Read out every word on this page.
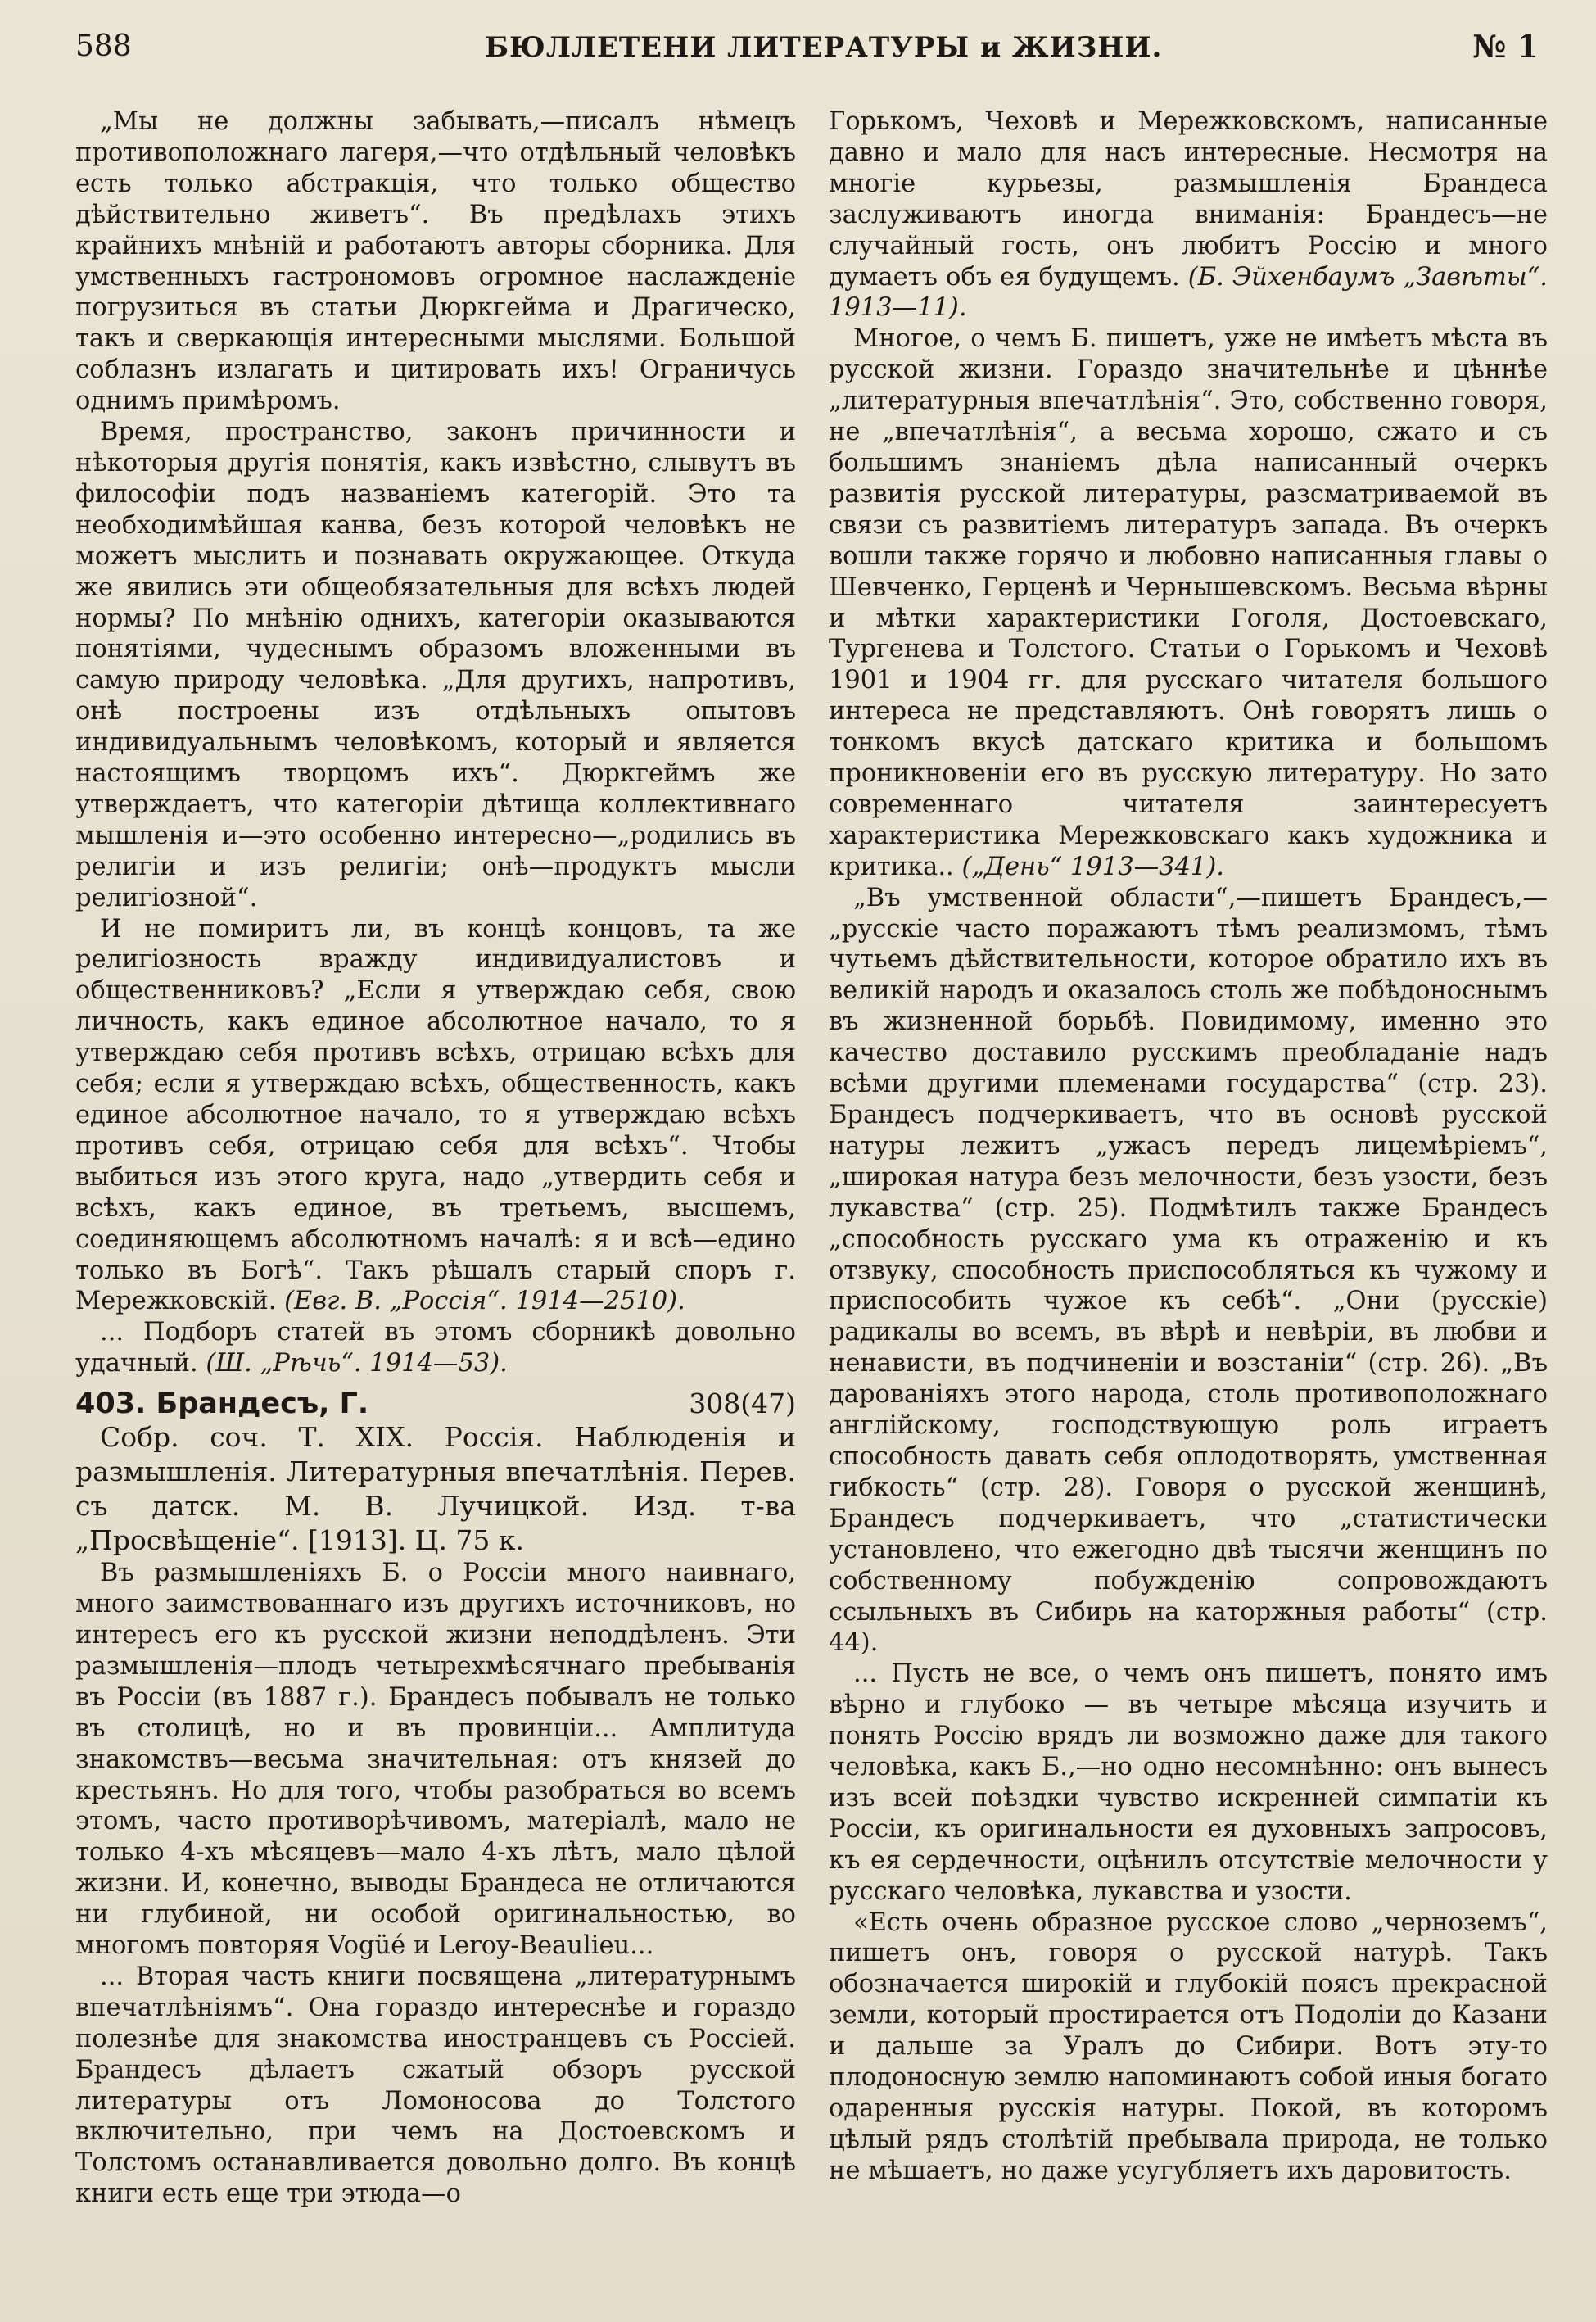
588	БЮЛЛЕТЕНИ ЛИТЕРАТУРЫ и ЖИЗНИ.	№ 1

„Мы не должны забывать,—писалъ нѣмецъ противоположнаго лагеря,—что отдѣльный человѣкъ есть только абстракція, что только общество дѣйствительно живетъ“. Въ предѣлахъ этихъ крайнихъ мнѣній и работаютъ авторы сборника. Для умственныхъ гастрономовъ огромное наслажденіе погрузиться въ статьи Дюркгейма и Драгическо, такъ и сверкающія интересными мыслями. Большой соблазнъ излагать и цитировать ихъ! Ограничусь однимъ примѣромъ.

Время, пространство, законъ причинности и нѣкоторыя другія понятія, какъ извѣстно, слывутъ въ философіи подъ названіемъ категорій. Это та необходимѣйшая канва, безъ которой человѣкъ не можетъ мыслить и познавать окружающее. Откуда же явились эти общеобязательныя для всѣхъ людей нормы? По мнѣнію однихъ, категоріи оказываются понятіями, чудеснымъ образомъ вложенными въ самую природу человѣка. „Для другихъ, напротивъ, онѣ построены изъ отдѣльныхъ опытовъ индивидуальнымъ человѣкомъ, который и является настоящимъ творцомъ ихъ“. Дюркгеймъ же утверждаетъ, что категоріи дѣтища коллективнаго мышленія и—это особенно интересно—„родились въ религіи и изъ религіи; онѣ—продуктъ мысли религіозной“.

И не помиритъ ли, въ концѣ концовъ, та же религіозность вражду индивидуалистовъ и общественниковъ? „Если я утверждаю себя, свою личность, какъ единое абсолютное начало, то я утверждаю себя противъ всѣхъ, отрицаю всѣхъ для себя; если я утверждаю всѣхъ, общественность, какъ единое абсолютное начало, то я утверждаю всѣхъ противъ себя, отрицаю себя для всѣхъ“. Чтобы выбиться изъ этого круга, надо „утвердить себя и всѣхъ, какъ единое, въ третьемъ, высшемъ, соединяющемъ абсолютномъ началѣ: я и всѣ—едино только въ Богѣ“. Такъ рѣшалъ старый споръ г. Мережковскій. (Евг. В. „Россія“. 1914—2510).

... Подборъ статей въ этомъ сборникѣ довольно удачный. (Ш. „Рѣчь“. 1914—53).

403. Брандесъ, Г.	308(47)

Собр. соч. Т. XIX. Россія. Наблюденія и размышленія. Литературныя впечатлѣнія. Перев. съ датск. М. В. Лучицкой. Изд. т-ва „Просвѣщеніе“. [1913]. Ц. 75 к.

Въ размышленіяхъ Б. о Россіи много наивнаго, много заимствованнаго изъ другихъ источниковъ, но интересъ его къ русской жизни неподдѣленъ. Эти размышленія—плодъ четырехмѣсячнаго пребыванія въ Россіи (въ 1887 г.). Брандесъ побывалъ не только въ столицѣ, но и въ провинціи... Амплитуда знакомствъ—весьма значительная: отъ князей до крестьянъ. Но для того, чтобы разобраться во всемъ этомъ, часто противорѣчивомъ, матеріалѣ, мало не только 4-хъ мѣсяцевъ—мало 4-хъ лѣтъ, мало цѣлой жизни. И, конечно, выводы Брандеса не отличаются ни глубиной, ни особой оригинальностью, во многомъ повторяя Vogüé и Leroy-Beaulieu...

... Вторая часть книги посвящена „литературнымъ впечатлѣніямъ“. Она гораздо интереснѣе и гораздо полезнѣе для знакомства иностранцевъ съ Россіей. Брандесъ дѣлаетъ сжатый обзоръ русской литературы отъ Ломоносова до Толстого включительно, при чемъ на Достоевскомъ и Толстомъ останавливается довольно долго. Въ концѣ книги есть еще три этюда—о

Горькомъ, Чеховѣ и Мережковскомъ, написанные давно и мало для насъ интересные. Несмотря на многіе курьезы, размышленія Брандеса заслуживаютъ иногда вниманія: Брандесъ—не случайный гость, онъ любитъ Россію и много думаетъ объ ея будущемъ. (Б. Эйхенбаумъ „Завѣты“. 1913—11).

Многое, о чемъ Б. пишетъ, уже не имѣетъ мѣста въ русской жизни. Гораздо значительнѣе и цѣннѣе „литературныя впечатлѣнія“. Это, собственно говоря, не „впечатлѣнія“, а весьма хорошо, сжато и съ большимъ знаніемъ дѣла написанный очеркъ развитія русской литературы, разсматриваемой въ связи съ развитіемъ литературъ запада. Въ очеркъ вошли также горячо и любовно написанныя главы о Шевченко, Герценѣ и Чернышевскомъ. Весьма вѣрны и мѣтки характеристики Гоголя, Достоевскаго, Тургенева и Толстого. Статьи о Горькомъ и Чеховѣ 1901 и 1904 гг. для русскаго читателя большого интереса не представляютъ. Онѣ говорятъ лишь о тонкомъ вкусѣ датскаго критика и большомъ проникновеніи его въ русскую литературу. Но зато современнаго читателя заинтересуетъ характеристика Мережковскаго какъ художника и критика.. („День“ 1913—341).

„Въ умственной области“,—пишетъ Брандесъ,—„русскіе часто поражаютъ тѣмъ реализмомъ, тѣмъ чутьемъ дѣйствительности, которое обратило ихъ въ великій народъ и оказалось столь же побѣдоноснымъ въ жизненной борьбѣ. Повидимому, именно это качество доставило русскимъ преобладаніе надъ всѣми другими племенами государства“ (стр. 23). Брандесъ подчеркиваетъ, что въ основѣ русской натуры лежитъ „ужасъ передъ лицемѣріемъ“, „широкая натура безъ мелочности, безъ узости, безъ лукавства“ (стр. 25). Подмѣтилъ также Брандесъ „способность русскаго ума къ отраженію и къ отзвуку, способность приспособляться къ чужому и приспособить чужое къ себѣ“. „Они (русскіе) радикалы во всемъ, въ вѣрѣ и невѣріи, въ любви и ненависти, въ подчиненіи и возстаніи“ (стр. 26). „Въ дарованіяхъ этого народа, столь противоположнаго англійскому, господствующую роль играетъ способность давать себя оплодотворять, умственная гибкость“ (стр. 28). Говоря о русской женщинѣ, Брандесъ подчеркиваетъ, что „статистически установлено, что ежегодно двѣ тысячи женщинъ по собственному побужденію сопровождаютъ ссыльныхъ въ Сибирь на каторжныя работы“ (стр. 44).

... Пусть не все, о чемъ онъ пишетъ, понято имъ вѣрно и глубоко — въ четыре мѣсяца изучить и понять Россію врядъ ли возможно даже для такого человѣка, какъ Б.,—но одно несомнѣнно: онъ вынесъ изъ всей поѣздки чувство искренней симпатіи къ Россіи, къ оригинальности ея духовныхъ запросовъ, къ ея сердечности, оцѣнилъ отсутствіе мелочности у русскаго человѣка, лукавства и узости.

«Есть очень образное русское слово „черноземъ“, пишетъ онъ, говоря о русской натурѣ. Такъ обозначается широкій и глубокій поясъ прекрасной земли, который простирается отъ Подоліи до Казани и дальше за Уралъ до Сибири. Вотъ эту-то плодоносную землю напоминаютъ собой иныя богато одаренныя русскія натуры. Покой, въ которомъ цѣлый рядъ столѣтій пребывала природа, не только не мѣшаетъ, но даже усугубляетъ ихъ даровитость.
